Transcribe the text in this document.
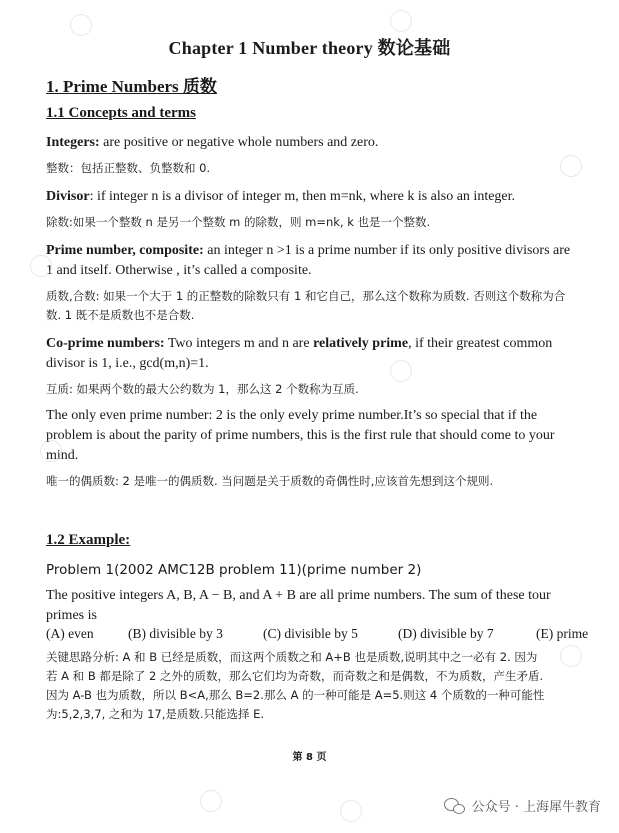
Chapter 1 Number theory 数论基础
1. Prime Numbers 质数
1.1 Concepts and terms
Integers: are positive or negative whole numbers and zero.
整数：包括正整数、负整数和 0.
Divisor: if integer n is a divisor of integer m, then m=nk, where k is also an integer.
除数:如果一个整数 n 是另一个整数 m 的除数，则 m=nk, k 也是一个整数.
Prime number, composite: an integer n >1 is a prime number if its only positive divisors are 1 and itself. Otherwise , it’s called a composite.
质数,合数: 如果一个大于 1 的正整数的除数只有 1 和它自己，那么这个数称为质数. 否则这个数称为合数. 1 既不是质数也不是合数.
Co-prime numbers: Two integers m and n are relatively prime, if their greatest common divisor is 1, i.e., gcd(m,n)=1.
互质: 如果两个数的最大公约数为 1，那么这 2 个数称为互质.
The only even prime number: 2 is the only evely prime number.It’s so special that if the problem is about the parity of prime numbers, this is the first rule that should come to your mind.
唯一的偶质数: 2 是唯一的偶质数. 当问题是关于质数的奇偶性时,应该首先想到这个规则.
1.2 Example:
Problem 1(2002 AMC12B problem 11)(prime number 2)
The positive integers A, B, A − B, and A + B are all prime numbers. The sum of these tour primes is
(A) even	(B) divisible by 3	(C) divisible by 5	(D) divisible by 7	(E) prime
关键思路分析: A 和 B 已经是质数，而这两个质数之和 A+B 也是质数,说明其中之一必有 2. 因为若 A 和 B 都是除了 2 之外的质数，那么它们均为奇数，而奇数之和是偶数，不为质数，产生矛盾. 因为 A-B 也为质数，所以 B<A,那么 B=2.那么 A 的一种可能是 A=5.则这 4 个质数的一种可能性为:5,2,3,7, 之和为 17,是质数.只能选择 E.
第 8 页
公众号 · 上海犀牛教育
